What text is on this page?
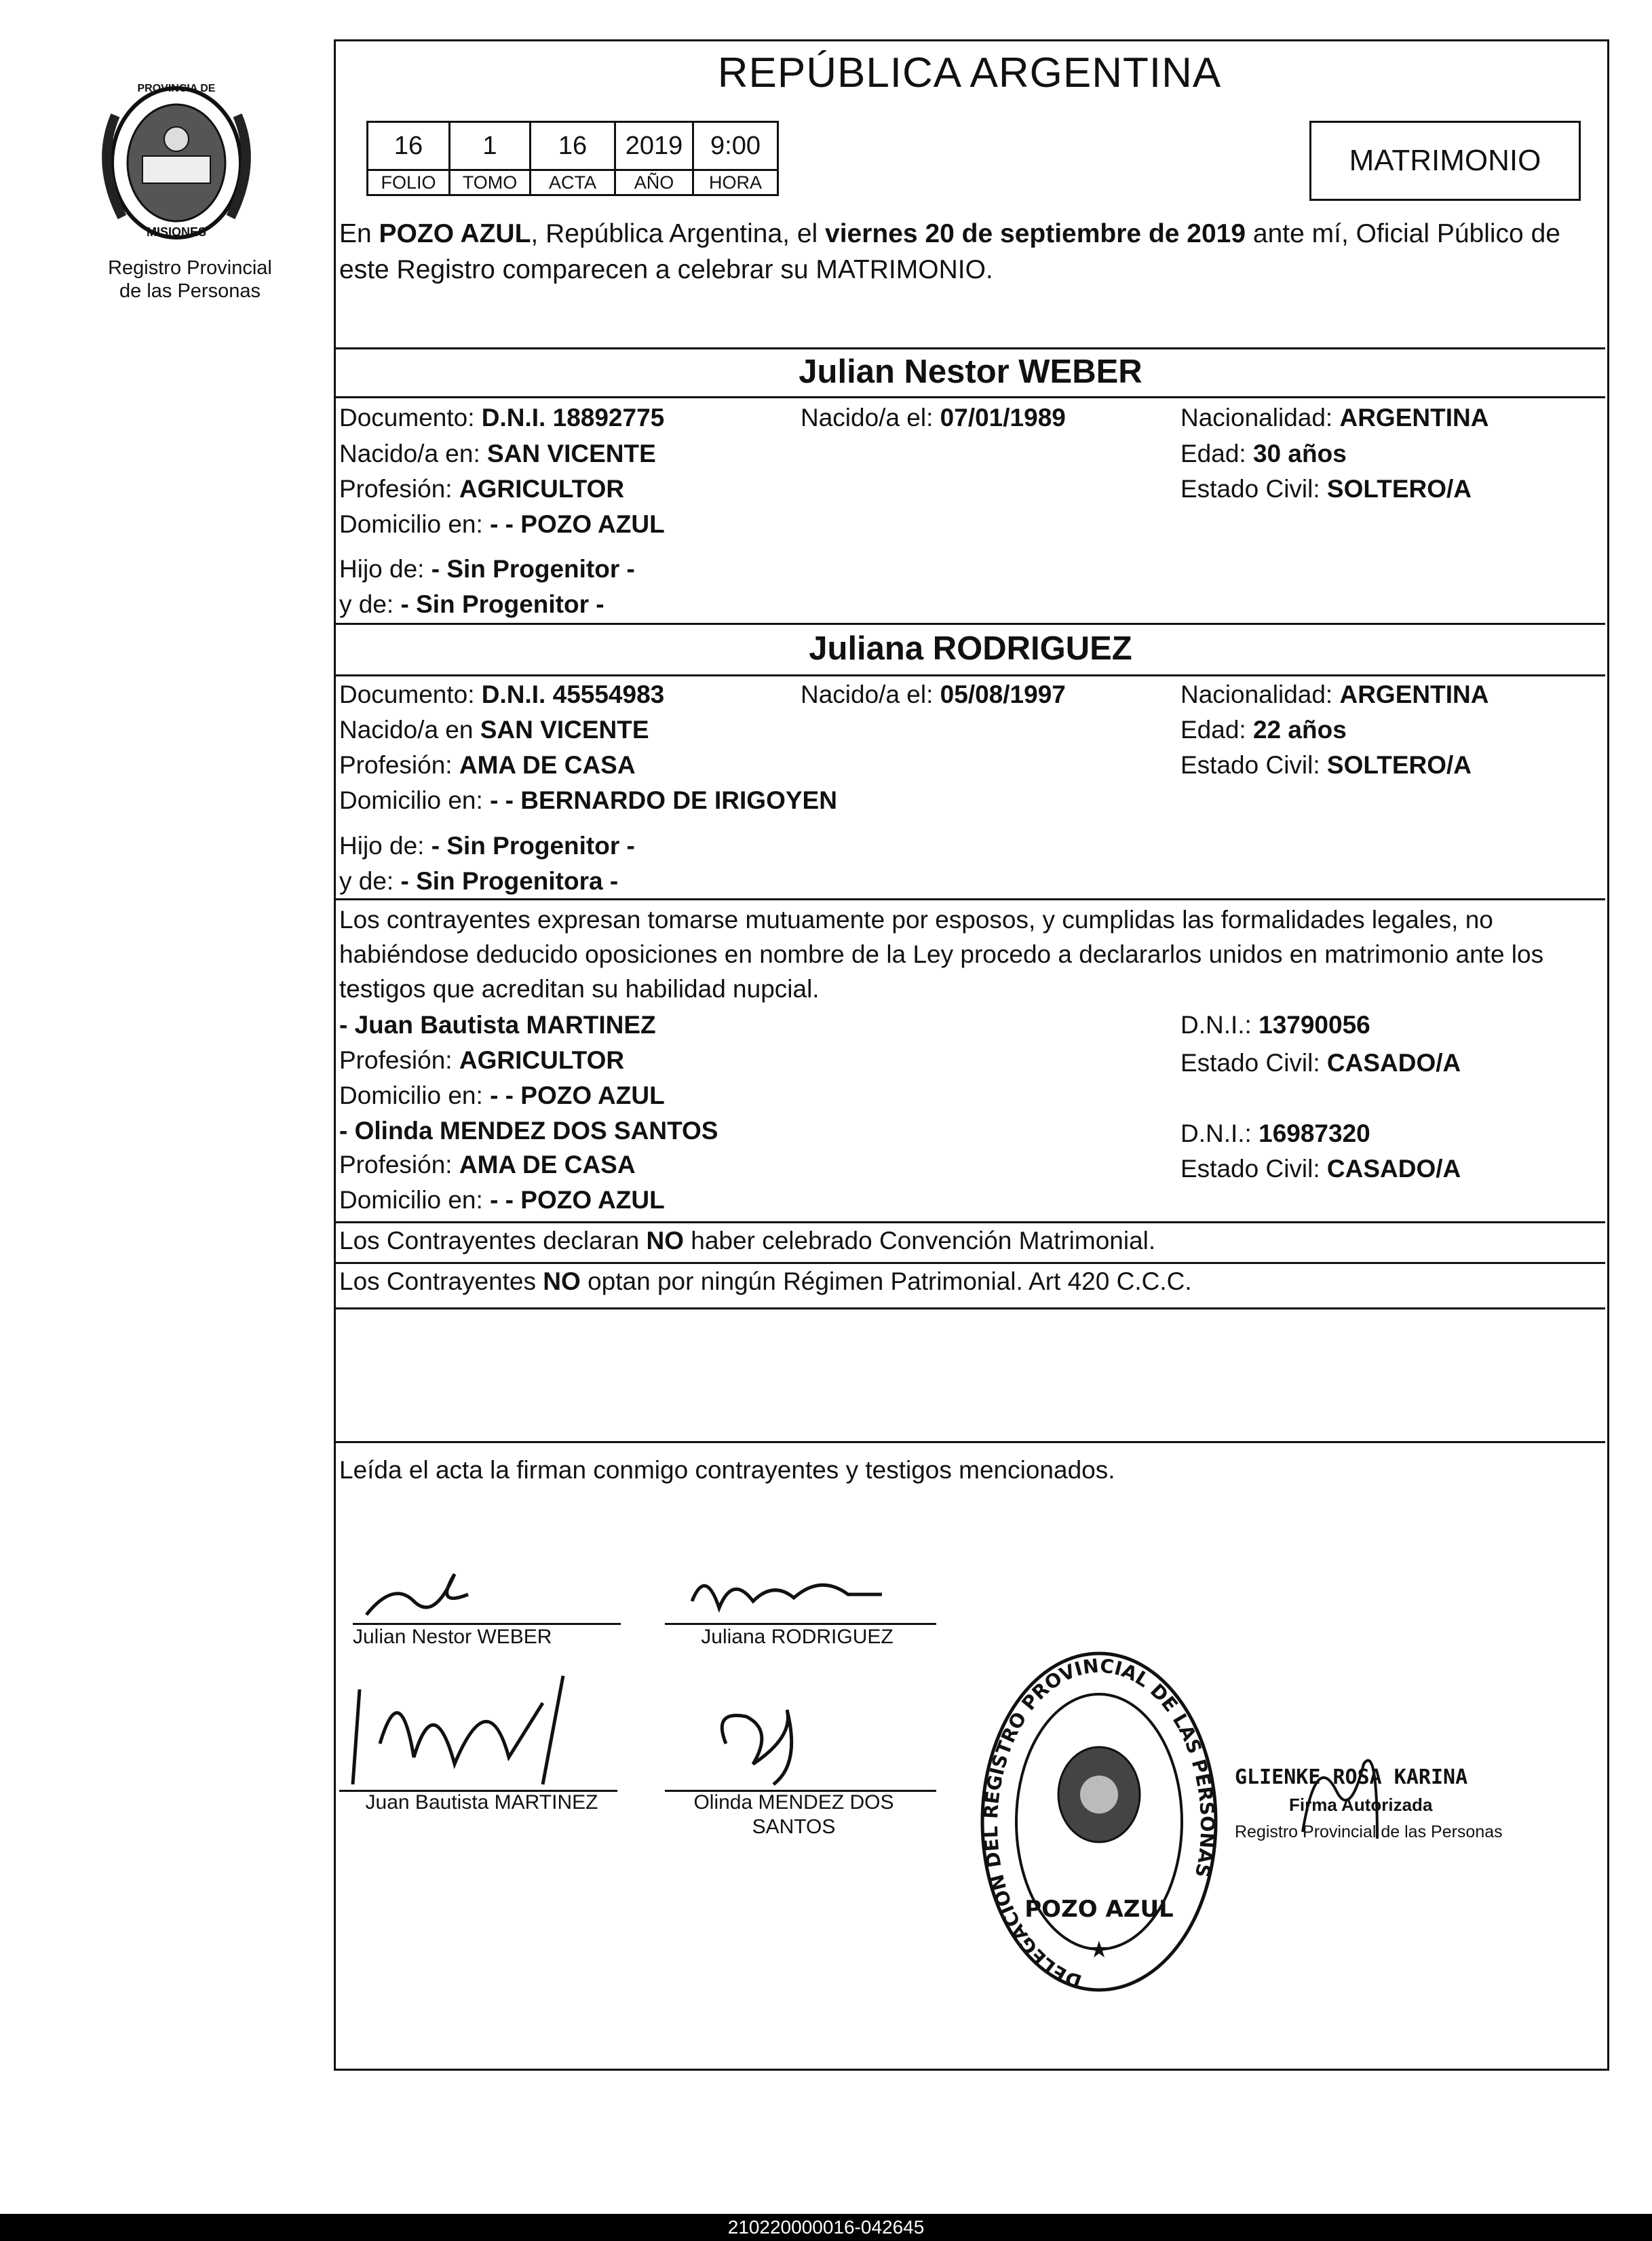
PROVINCIA DE
MISIONES
Registro Provincial
de las Personas
REPÚBLICA ARGENTINA
16	1	16	2019	9:00
FOLIO	TOMO	ACTA	AÑO	HORA
MATRIMONIO
En POZO AZUL, República Argentina, el viernes 20 de septiembre de 2019 ante mí, Oficial Público de este Registro comparecen a celebrar su MATRIMONIO.
Julian Nestor WEBER
Documento: D.N.I. 18892775	Nacido/a el: 07/01/1989	Nacionalidad: ARGENTINA
Nacido/a en: SAN VICENTE	Edad: 30 años
Profesión: AGRICULTOR	Estado Civil: SOLTERO/A
Domicilio en: - - POZO AZUL
Hijo de: - Sin Progenitor -
y de: - Sin Progenitor -
Juliana RODRIGUEZ
Documento: D.N.I. 45554983	Nacido/a el: 05/08/1997	Nacionalidad: ARGENTINA
Nacido/a en SAN VICENTE	Edad: 22 años
Profesión: AMA DE CASA	Estado Civil: SOLTERO/A
Domicilio en: - - BERNARDO DE IRIGOYEN
Hijo de: - Sin Progenitor -
y de: - Sin Progenitora -
Los contrayentes expresan tomarse mutuamente por esposos, y cumplidas las formalidades legales, no habiéndose deducido oposiciones en nombre de la Ley procedo a declararlos unidos en matrimonio ante los testigos que acreditan su habilidad nupcial.
- Juan Bautista MARTINEZ	D.N.I.: 13790056
Profesión: AGRICULTOR	Estado Civil: CASADO/A
Domicilio en: - - POZO AZUL
- Olinda MENDEZ DOS SANTOS	D.N.I.: 16987320
Profesión: AMA DE CASA	Estado Civil: CASADO/A
Domicilio en: - - POZO AZUL
Los Contrayentes declaran NO haber celebrado Convención Matrimonial.
Los Contrayentes NO optan por ningún Régimen Patrimonial. Art 420 C.C.C.
Leída el acta la firman conmigo contrayentes y testigos mencionados.
Julian Nestor WEBER	Juliana RODRIGUEZ
Juan Bautista MARTINEZ	Olinda MENDEZ DOS
SANTOS
DELEGACION DEL REGISTRO PROVINCIAL DE LAS PERSONAS
POZO AZUL
★
GLIENKE ROSA KARINA
Firma Autorizada
Registro Provincial de las Personas
210220000016-042645
